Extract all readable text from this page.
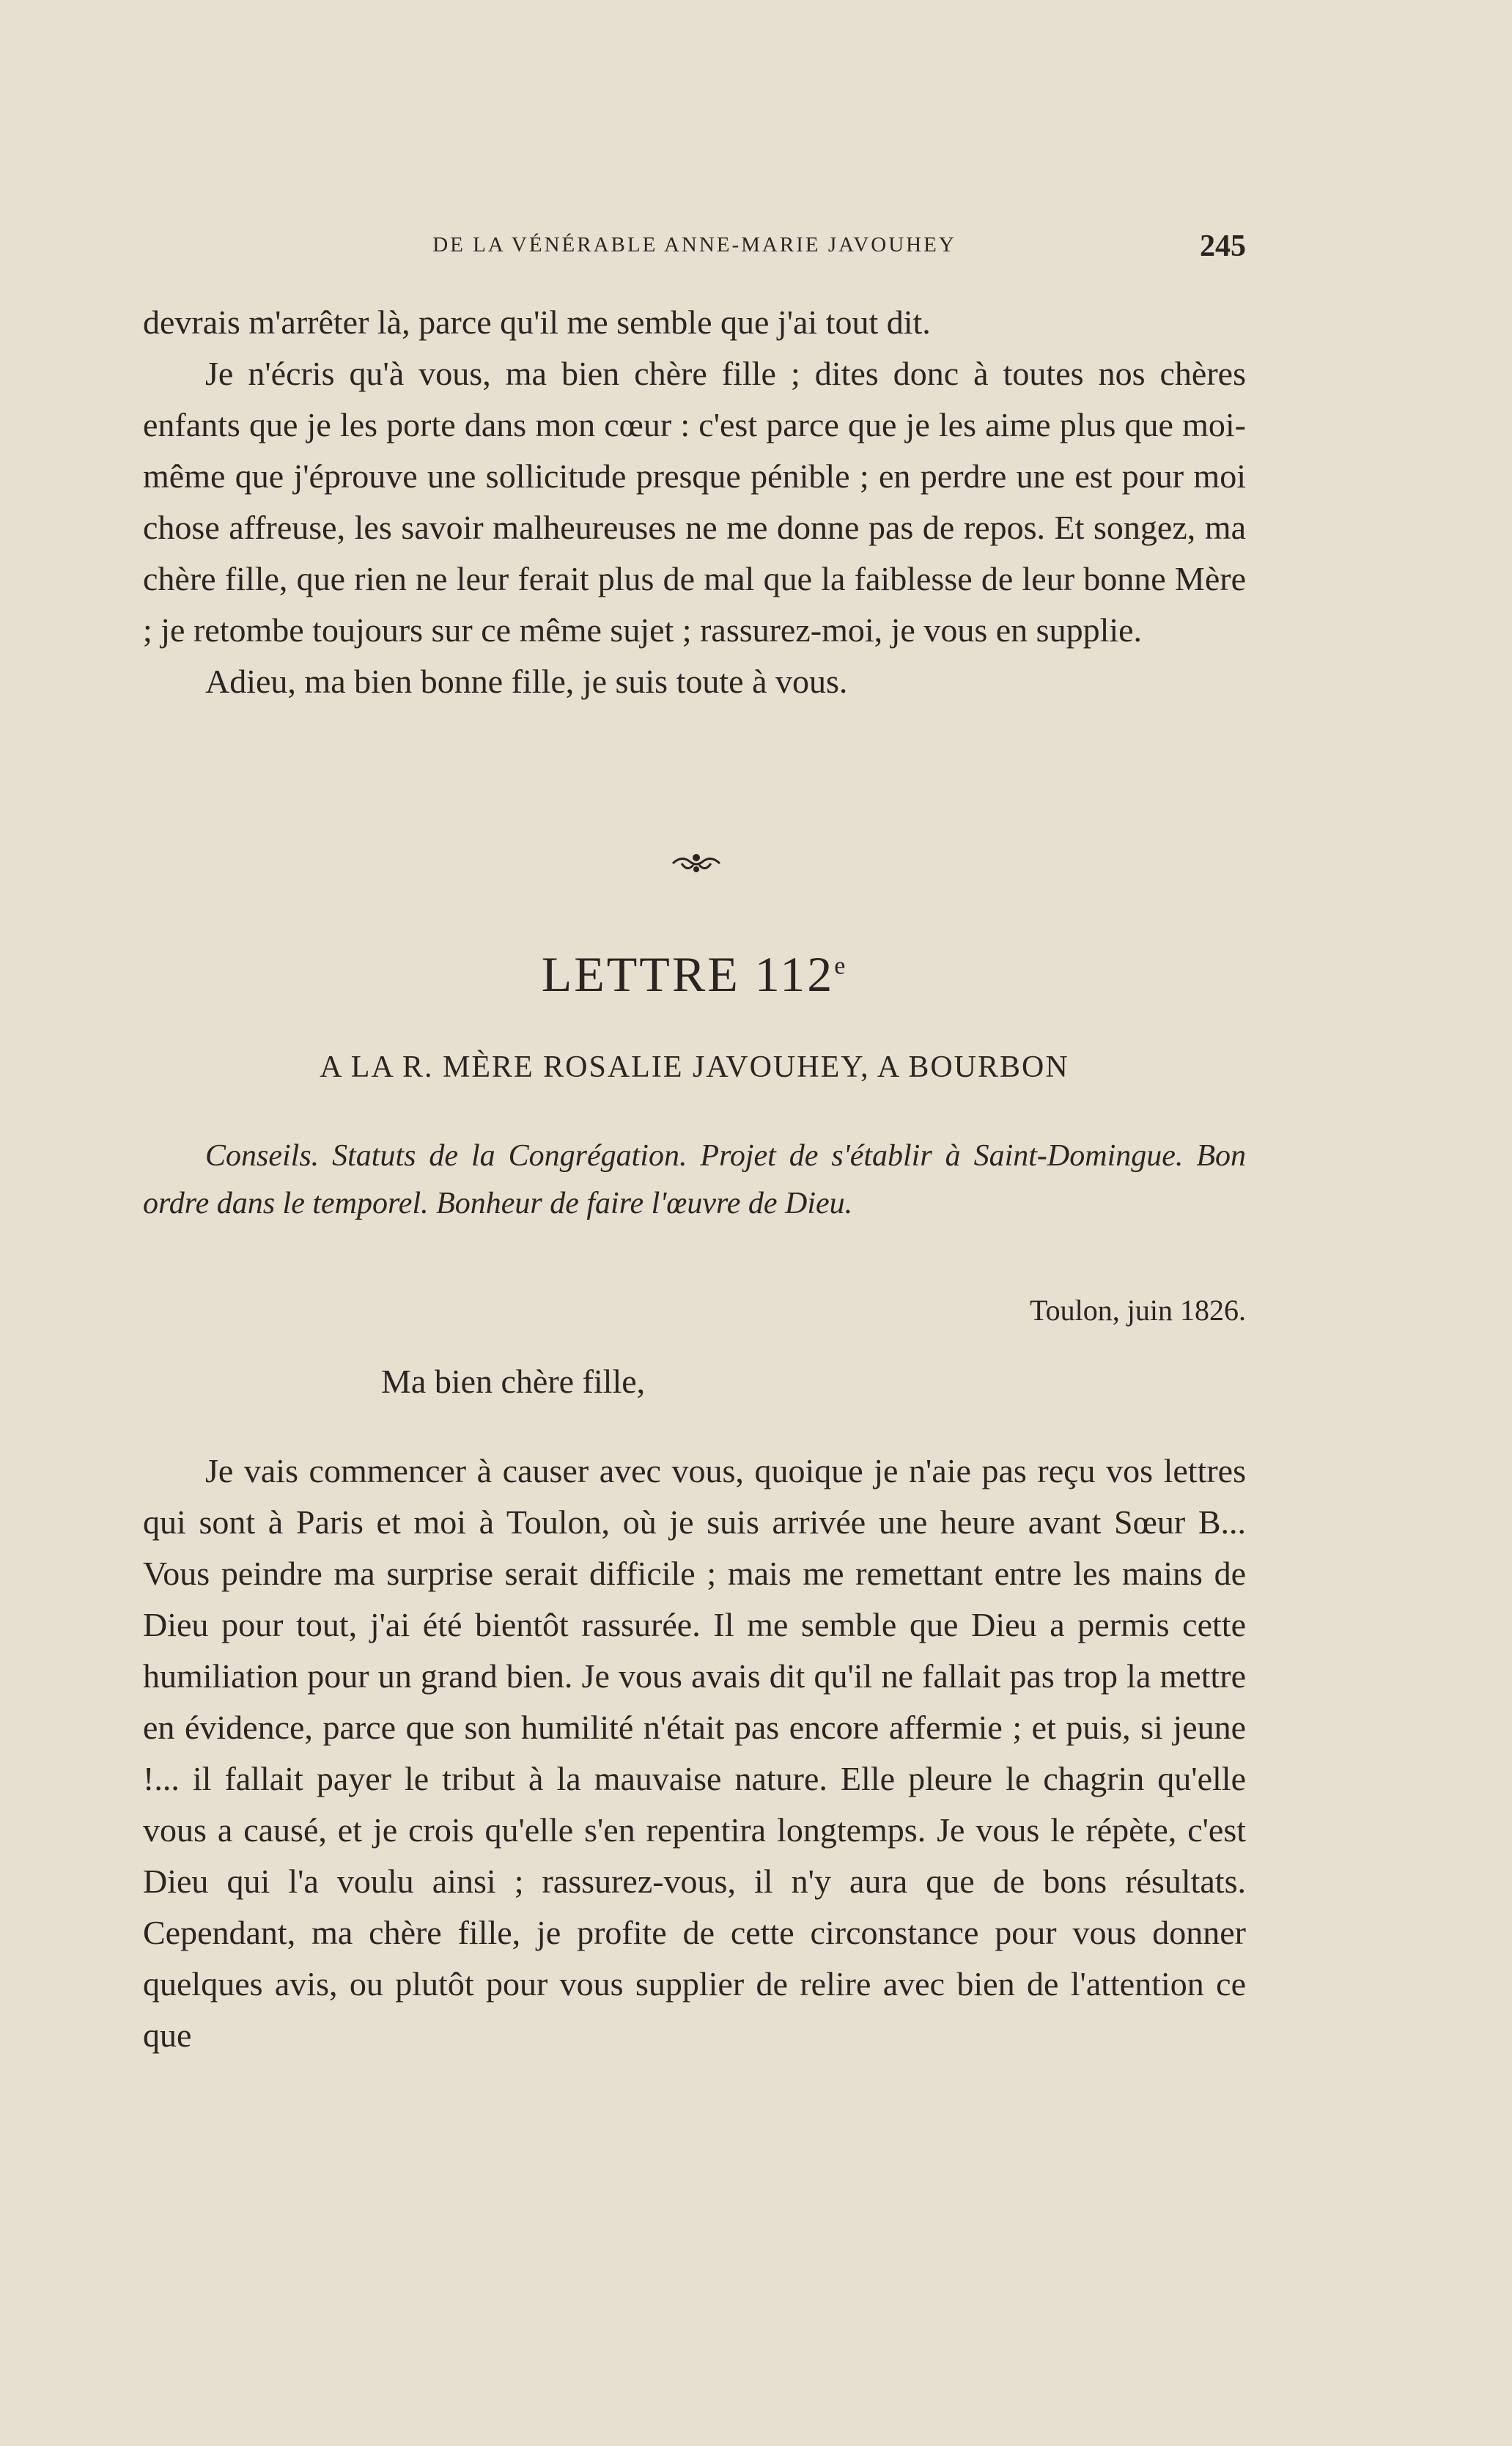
DE LA VÉNÉRABLE ANNE-MARIE JAVOUHEY	245

devrais m'arrêter là, parce qu'il me semble que j'ai tout dit.

Je n'écris qu'à vous, ma bien chère fille ; dites donc à toutes nos chères enfants que je les porte dans mon cœur : c'est parce que je les aime plus que moi-même que j'éprouve une sollicitude presque pénible ; en perdre une est pour moi chose affreuse, les savoir malheureuses ne me donne pas de repos. Et songez, ma chère fille, que rien ne leur ferait plus de mal que la faiblesse de leur bonne Mère ; je retombe toujours sur ce même sujet ; rassurez-moi, je vous en supplie.

Adieu, ma bien bonne fille, je suis toute à vous.

LETTRE 112e
A LA R. MÈRE ROSALIE JAVOUHEY, A BOURBON
Conseils. Statuts de la Congrégation. Projet de s'établir à Saint-Domingue. Bon ordre dans le temporel. Bonheur de faire l'œuvre de Dieu.
Toulon, juin 1826.
Ma bien chère fille,

Je vais commencer à causer avec vous, quoique je n'aie pas reçu vos lettres qui sont à Paris et moi à Toulon, où je suis arrivée une heure avant Sœur B... Vous peindre ma surprise serait difficile ; mais me remettant entre les mains de Dieu pour tout, j'ai été bientôt rassurée. Il me semble que Dieu a permis cette humiliation pour un grand bien. Je vous avais dit qu'il ne fallait pas trop la mettre en évidence, parce que son humilité n'était pas encore affermie ; et puis, si jeune !... il fallait payer le tribut à la mauvaise nature. Elle pleure le chagrin qu'elle vous a causé, et je crois qu'elle s'en repentira longtemps. Je vous le répète, c'est Dieu qui l'a voulu ainsi ; rassurez-vous, il n'y aura que de bons résultats. Cependant, ma chère fille, je profite de cette circonstance pour vous donner quelques avis, ou plutôt pour vous supplier de relire avec bien de l'attention ce que
